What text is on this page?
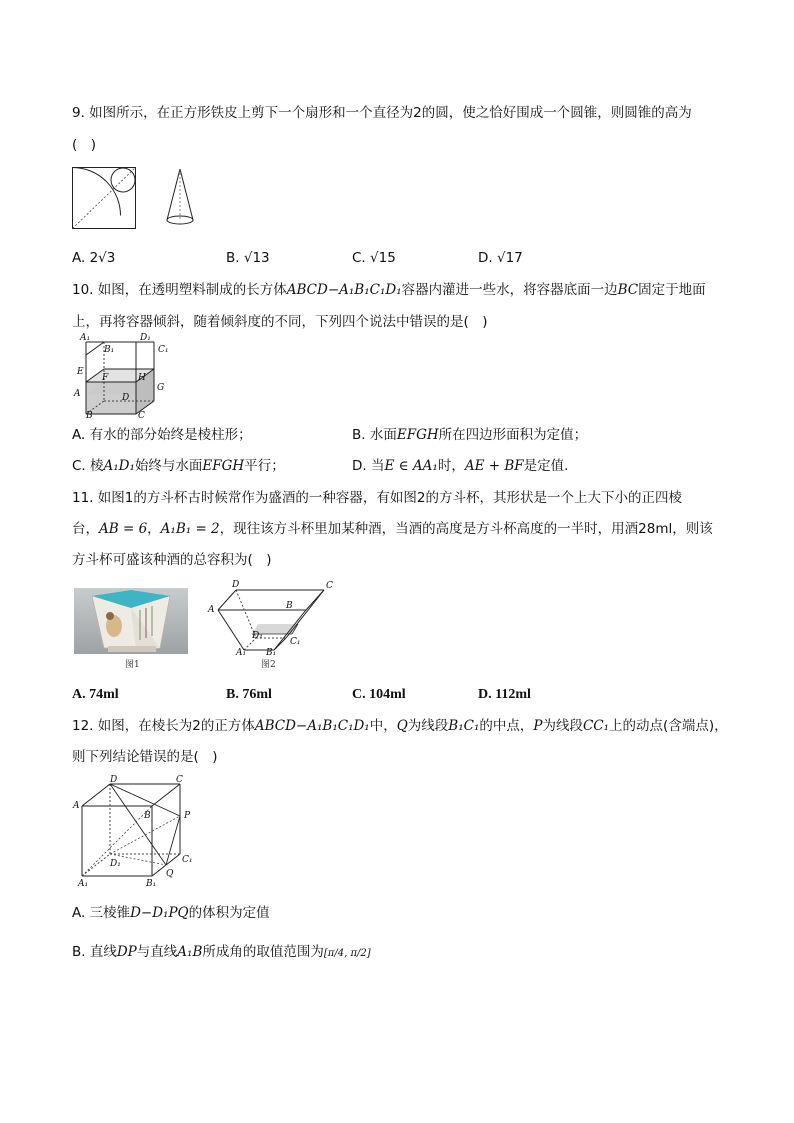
9. 如图所示，在正方形铁皮上剪下一个扇形和一个直径为2的圆，使之恰好围成一个圆锥，则圆锥的高为
(　)
A. 2√3	B. √13	C. √15	D. √17
10. 如图，在透明塑料制成的长方体ABCD−A₁B₁C₁D₁容器内灌进一些水，将容器底面一边BC固定于地面
上，再将容器倾斜，随着倾斜度的不同，下列四个说法中错误的是(　)
A₁	D₁
B₁	C₁
E
F	H
A	D
G
B	C
A. 有水的部分始终是棱柱形；	B. 水面EFGH所在四边形面积为定值；
C. 棱A₁D₁始终与水面EFGH平行；	D. 当E ∈ AA₁时，AE + BF是定值.
11. 如图1的方斗杯古时候常作为盛酒的一种容器，有如图2的方斗杯，其形状是一个上大下小的正四棱
台，AB = 6，A₁B₁ = 2，现往该方斗杯里加某种酒，当酒的高度是方斗杯高度的一半时，用酒28ml，则该
方斗杯可盛该种酒的总容积为(　)
图1
D	C
A	B
D₁
C₁
A₁ B₁
图2
A. 74ml	B. 76ml	C. 104ml	D. 112ml
12. 如图，在棱长为2的正方体ABCD−A₁B₁C₁D₁中，Q为线段B₁C₁的中点，P为线段CC₁上的动点(含端点)，
则下列结论错误的是(　)
D	C
A
B	P
D₁	C₁
A₁	B₁
Q
A. 三棱锥D−D₁PQ的体积为定值
B. 直线DP与直线A₁B所成角的取值范围为[π/4, π/2]
